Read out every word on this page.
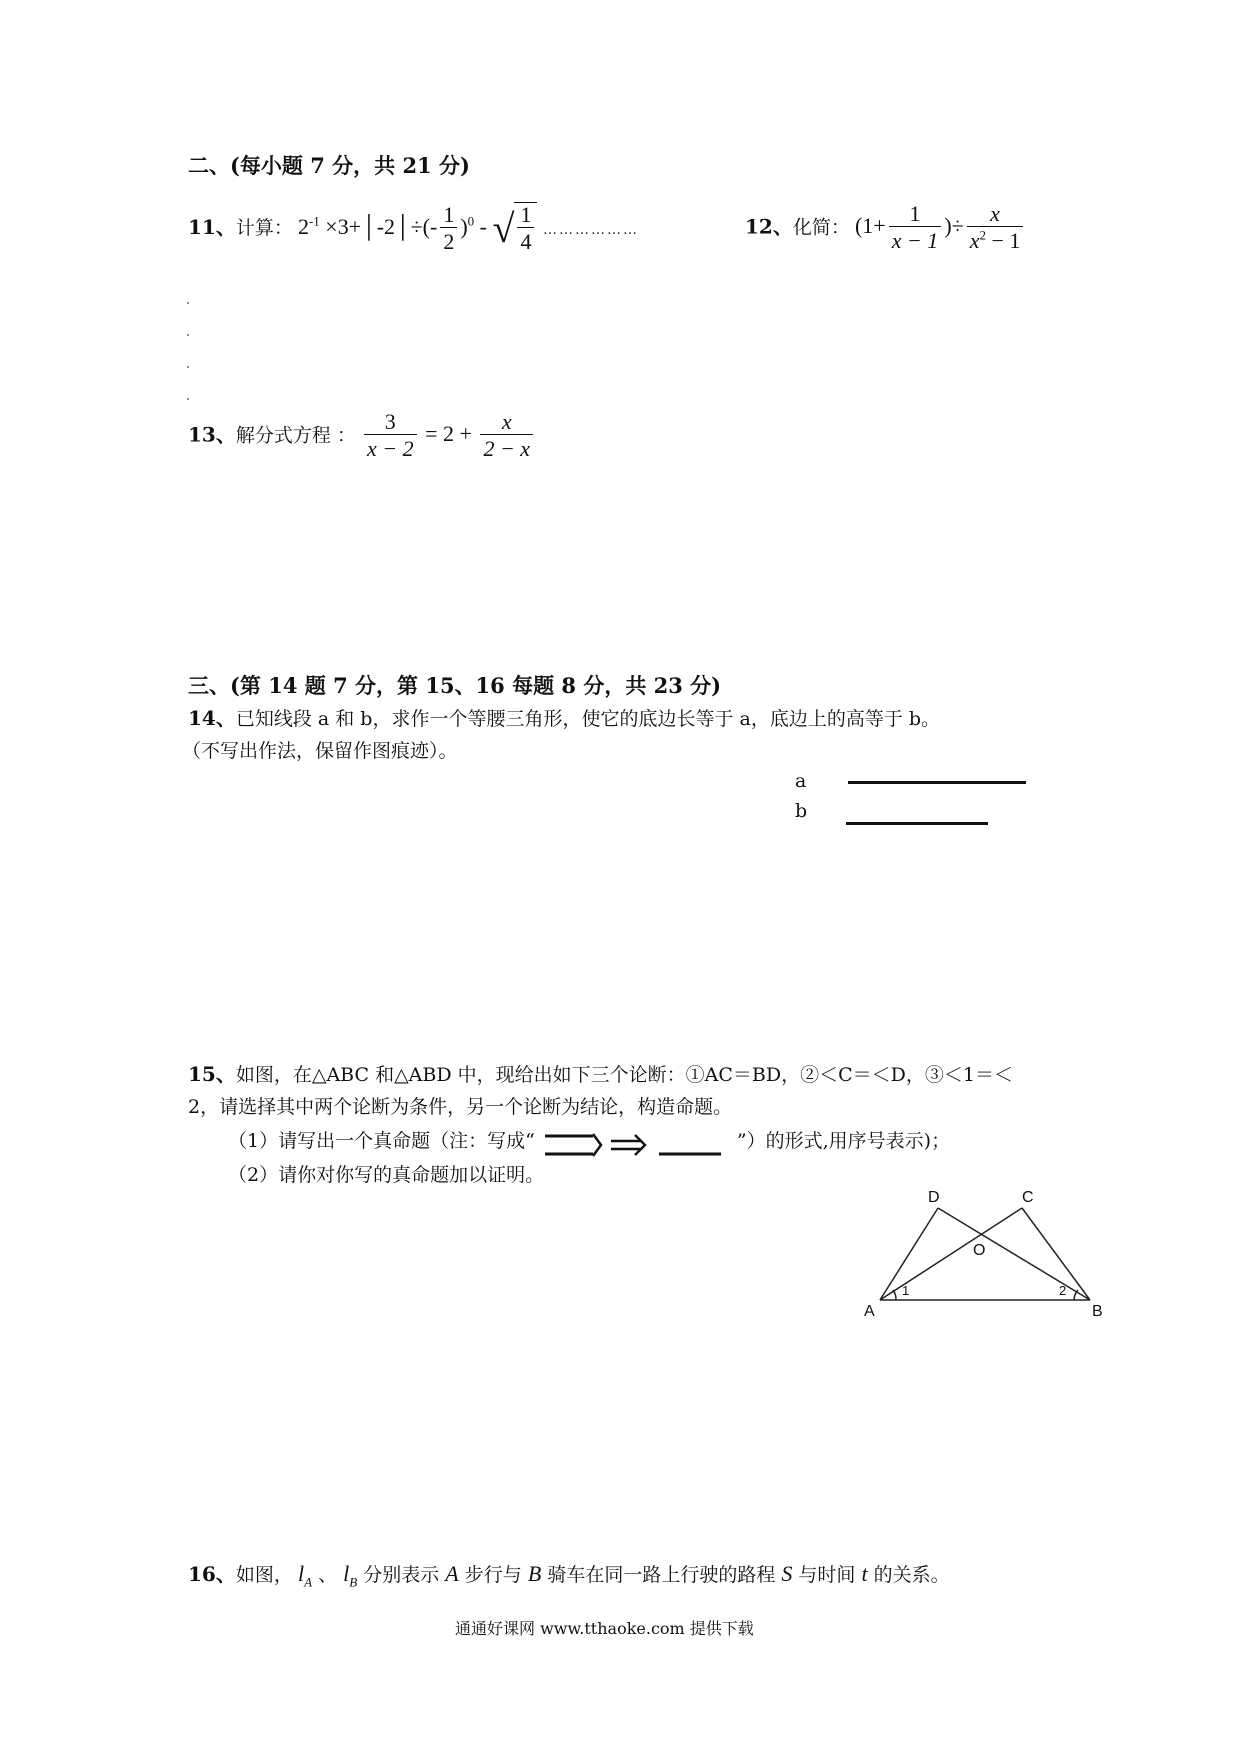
二、(每小题 7 分，共 21 分)
11、计算： $2^{-1}$ ×3+│-2│÷(- $\frac{1}{2} )^0$ - √ $\frac{1}{4}$ ………………	12、化简： ($1+ \frac{1}{x - 1}$ )÷ $\frac{x}{x^2 - 1}$
13、解分式方程 ： $\frac{3}{x - 2} = 2 + \frac{x}{2 - x}$
三、(第 14 题 7 分，第 15、16 每题 8 分，共 23 分)
14、已知线段 a 和 b，求作一个等腰三角形，使它的底边长等于 a，底边上的高等于 b。
（不写出作法，保留作图痕迹）。
a
b
15、如图，在△ABC 和△ABD 中，现给出如下三个论断：①AC＝BD，②＜C＝＜D，③＜1＝＜
2，请选择其中两个论断为条件，另一个论断为结论，构造命题。
（1）请写出一个真命题（注：写成“	”）的形式,用序号表示)；
（2）请你对你写的真命题加以证明。
D	C
O
A	B
1	2
16、如图， $l_A$ 、 $l_B$ 分别表示 A 步行与 B 骑车在同一路上行驶的路程 S 与时间 t 的关系。
通通好课网 www.tthaoke.com 提供下载
